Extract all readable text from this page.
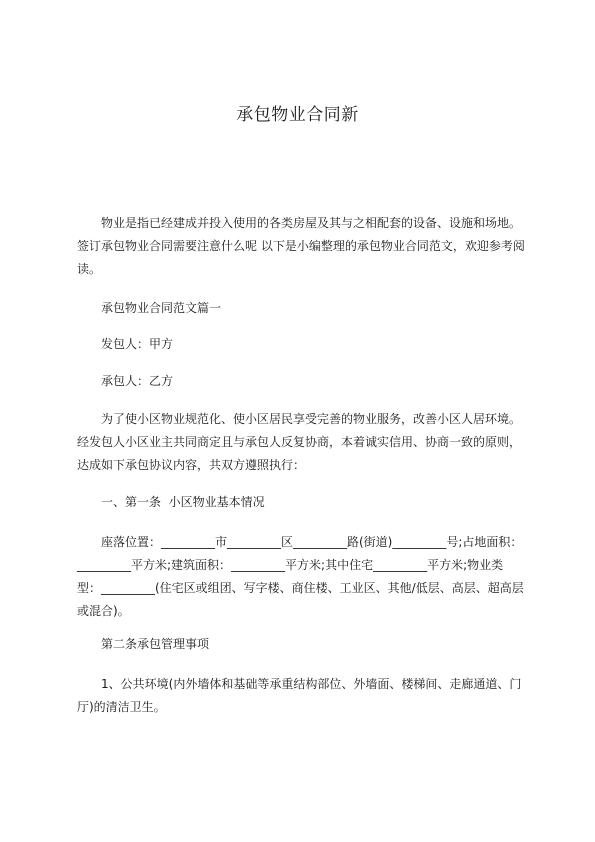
承包物业合同新
物业是指已经建成并投入使用的各类房屋及其与之相配套的设备、设施和场地。签订承包物业合同需要注意什么呢 以下是小编整理的承包物业合同范文，欢迎参考阅读。
承包物业合同范文篇一
发包人：甲方
承包人：乙方
为了使小区物业规范化、使小区居民享受完善的物业服务，改善小区人居环境。经发包人小区业主共同商定且与承包人反复协商，本着诚实信用、协商一致的原则，达成如下承包协议内容，共双方遵照执行：
一、第一条  小区物业基本情况
座落位置：_________市_________区_________路(街道)_________号;占地面积：_________平方米;建筑面积：_________平方米;其中住宅_________平方米;物业类型：_________(住宅区或组团、写字楼、商住楼、工业区、其他/低层、高层、超高层或混合)。
第二条承包管理事项
1、公共环境(内外墙体和基础等承重结构部位、外墙面、楼梯间、走廊通道、门厅)的清洁卫生。
